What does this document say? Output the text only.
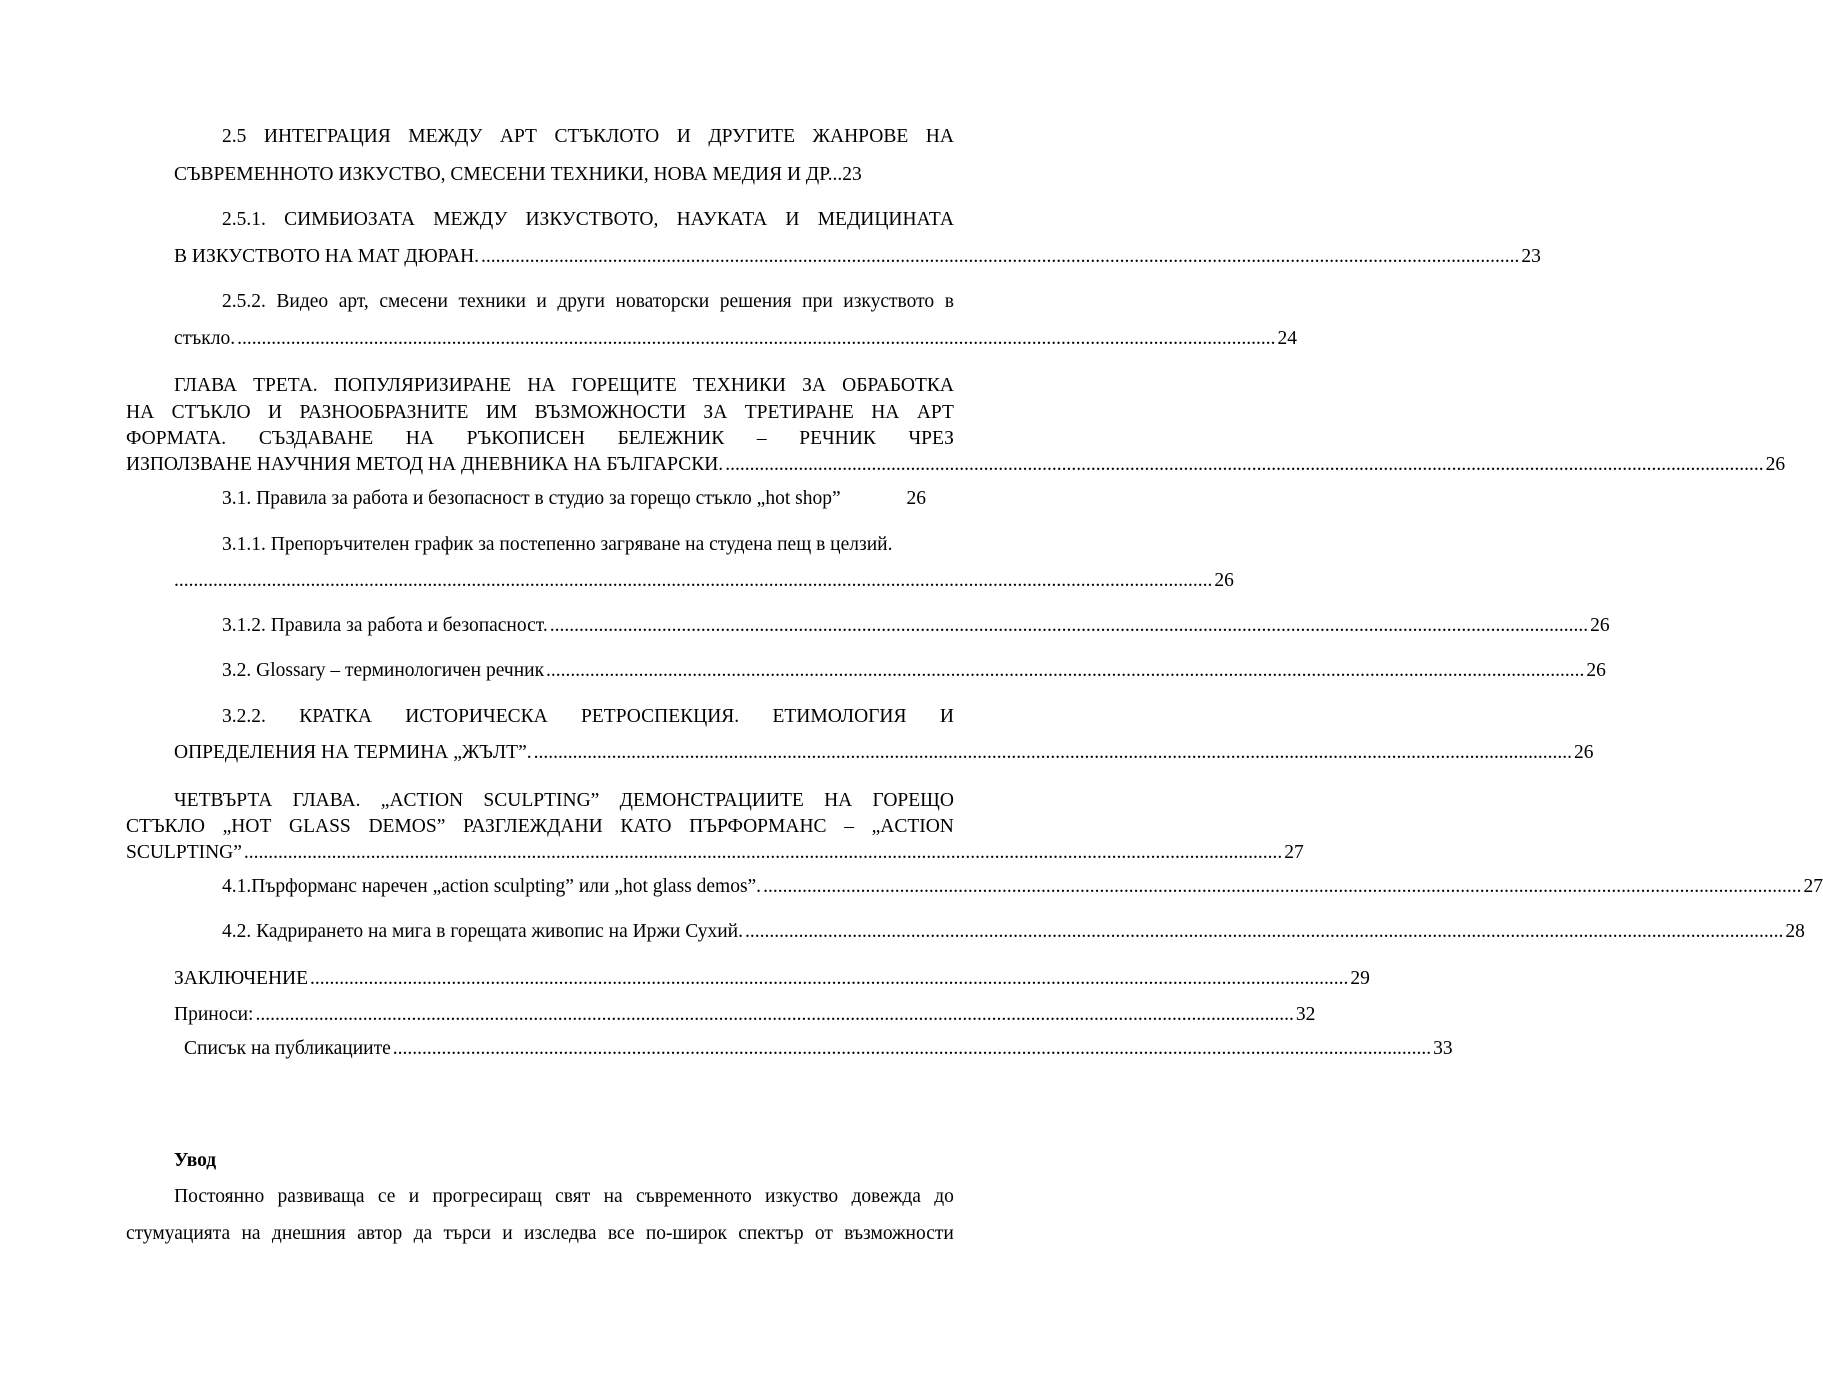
2.5 ИНТЕГРАЦИЯ МЕЖДУ АРТ СТЪКЛОТО И ДРУГИТЕ ЖАНРОВЕ НА
СЪВРЕМЕННОТО ИЗКУСТВО, СМЕСЕНИ ТЕХНИКИ, НОВА МЕДИЯ И ДР...23
2.5.1. СИМБИОЗАТА МЕЖДУ ИЗКУСТВОТО, НАУКАТА И МЕДИЦИНАТА
В ИЗКУСТВОТО НА МАТ ДЮРАН. ..................................................................................................................................................................................................................... 23
2.5.2. Видео арт, смесени техники и други новаторски решения при изкуството в
стъкло. ..................................................................................................................................................................................................................... 24
ГЛАВА ТРЕТА. ПОПУЛЯРИЗИРАНЕ НА ГОРЕЩИТЕ ТЕХНИКИ ЗА ОБРАБОТКА
НА СТЪКЛО И РАЗНООБРАЗНИТЕ ИМ ВЪЗМОЖНОСТИ ЗА ТРЕТИРАНЕ НА АРТ
ФОРМАТА. СЪЗДАВАНЕ НА РЪКОПИСЕН БЕЛЕЖНИК – РЕЧНИК ЧРЕЗ
ИЗПОЛЗВАНЕ НАУЧНИЯ МЕТОД НА ДНЕВНИКА НА БЪЛГАРСКИ. ..................................................................................................................................................................................................................... 26
3.1. Правила за работа и безопасност в студио за горещо стъкло „hot shop”	26
3.1.1. Препоръчителен график за постепенно загряване на студена пещ в целзий.
..................................................................................................................................................................................................................... 26
3.1.2. Правила за работа и безопасност. ..................................................................................................................................................................................................................... 26
3.2. Glossary – терминологичен речник ..................................................................................................................................................................................................................... 26
3.2.2. КРАТКА ИСТОРИЧЕСКА РЕТРОСПЕКЦИЯ. ЕТИМОЛОГИЯ И
ОПРЕДЕЛЕНИЯ НА ТЕРМИНА „ЖЪЛТ”. ..................................................................................................................................................................................................................... 26
ЧЕТВЪРТА ГЛАВА. „ACTION SCULPTING” ДЕМОНСТРАЦИИТЕ НА ГОРЕЩО
СТЪКЛО „HOT GLASS DEMOS” РАЗГЛЕЖДАНИ КАТО ПЪРФОРМАНС – „ACTION
SCULPTING” ..................................................................................................................................................................................................................... 27
4.1.Пърформанс наречен „action sculpting” или „hot glass demos”. ..................................................................................................................................................................................................................... 27
4.2. Кадрирането на мига в горещата живопис на Иржи Сухий. ..................................................................................................................................................................................................................... 28
ЗАКЛЮЧЕНИЕ ..................................................................................................................................................................................................................... 29
Приноси: ..................................................................................................................................................................................................................... 32
Списък на публикациите ..................................................................................................................................................................................................................... 33
Увод
Постоянно развиваща се и прогресиращ свят на съвременното изкуство довежда до
стумуацията на днешния автор да търси и изследва все по-широк спектър от възможности
